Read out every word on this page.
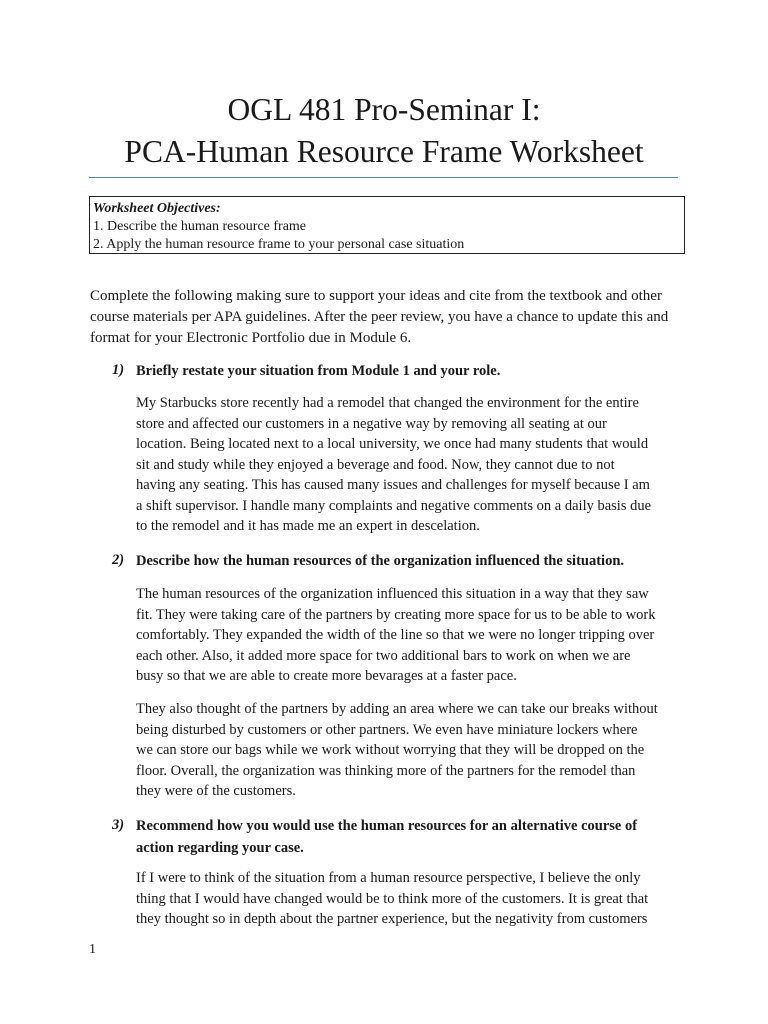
OGL 481 Pro-Seminar I:
PCA-Human Resource Frame Worksheet
Worksheet Objectives:
1. Describe the human resource frame
2. Apply the human resource frame to your personal case situation
Complete the following making sure to support your ideas and cite from the textbook and other
course materials per APA guidelines. After the peer review, you have a chance to update this and
format for your Electronic Portfolio due in Module 6.
1) Briefly restate your situation from Module 1 and your role.
My Starbucks store recently had a remodel that changed the environment for the entire
store and affected our customers in a negative way by removing all seating at our
location. Being located next to a local university, we once had many students that would
sit and study while they enjoyed a beverage and food. Now, they cannot due to not
having any seating. This has caused many issues and challenges for myself because I am
a shift supervisor. I handle many complaints and negative comments on a daily basis due
to the remodel and it has made me an expert in descelation.
2) Describe how the human resources of the organization influenced the situation.
The human resources of the organization influenced this situation in a way that they saw
fit. They were taking care of the partners by creating more space for us to be able to work
comfortably. They expanded the width of the line so that we were no longer tripping over
each other. Also, it added more space for two additional bars to work on when we are
busy so that we are able to create more bevarages at a faster pace.
They also thought of the partners by adding an area where we can take our breaks without
being disturbed by customers or other partners. We even have miniature lockers where
we can store our bags while we work without worrying that they will be dropped on the
floor. Overall, the organization was thinking more of the partners for the remodel than
they were of the customers.
3) Recommend how you would use the human resources for an alternative course of
action regarding your case.
If I were to think of the situation from a human resource perspective, I believe the only
thing that I would have changed would be to think more of the customers. It is great that
they thought so in depth about the partner experience, but the negativity from customers
1
